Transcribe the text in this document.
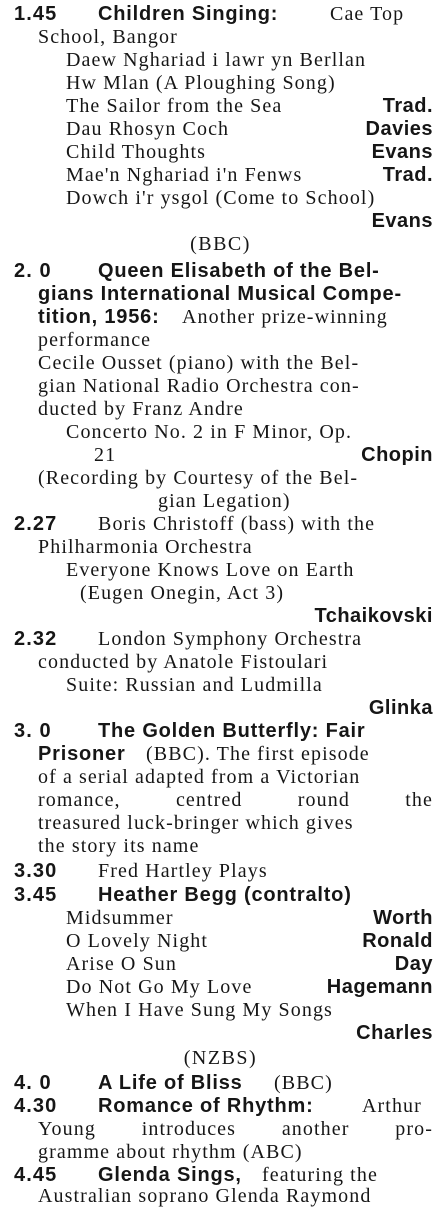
1.45 Children Singing:	Cae Top
School, Bangor
Daew Nghariad i lawr yn Berllan
Hw Mlan (A Ploughing Song)
The Sailor from the Sea	Trad.
Dau Rhosyn Coch	Davies
Child Thoughts	Evans
Mae'n Nghariad i'n Fenws	Trad.
Dowch i'r ysgol (Come to School)
Evans
(BBC)
2. 0 Queen Elisabeth of the Bel-
gians International Musical Compe-
tition, 1956: Another prize-winning
performance
Cecile Ousset (piano) with the Bel-
gian National Radio Orchestra con-
ducted by Franz Andre
Concerto No. 2 in F Minor, Op.
21	Chopin
(Recording by Courtesy of the Bel-
gian Legation)
2.27 Boris Christoff (bass) with the
Philharmonia Orchestra
Everyone Knows Love on Earth
(Eugen Onegin, Act 3)
Tchaikovski
2.32 London Symphony Orchestra
conducted by Anatole Fistoulari
Suite: Russian and Ludmilla
Glinka
3. 0 The Golden Butterfly: Fair
Prisoner (BBC). The first episode
of a serial adapted from a Victorian
romance, centred round the
treasured luck-bringer which gives
the story its name
3.30 Fred Hartley Plays
3.45 Heather Begg (contralto)
Midsummer	Worth
O Lovely Night	Ronald
Arise O Sun	Day
Do Not Go My Love	Hagemann
When I Have Sung My Songs
Charles
(NZBS)
4. 0 A Life of Bliss (BBC)
4.30 Romance of Rhythm: Arthur
Young introduces another pro-
gramme about rhythm (ABC)
4.45 Glenda Sings, featuring the
Australian soprano Glenda Raymond
